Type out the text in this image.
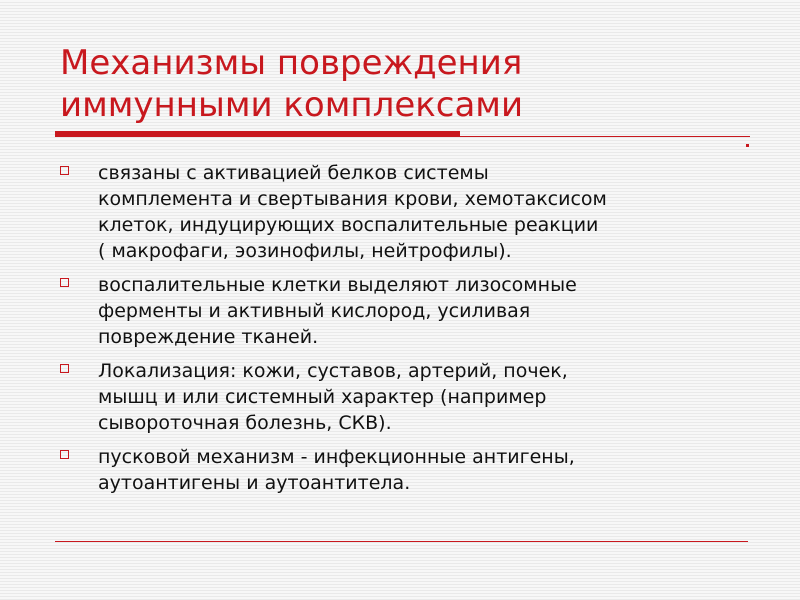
Механизмы повреждения
иммунными комплексами
связаны с активацией белков системы
комплемента и свертывания крови, хемотаксисом
клеток, индуцирующих воспалительные реакции
( макрофаги, эозинофилы, нейтрофилы).
воспалительные клетки выделяют лизосомные
ферменты и активный кислород, усиливая
повреждение тканей.
Локализация: кожи, суставов, артерий, почек,
мышц и или системный характер (например
сывороточная болезнь, СКВ).
пусковой механизм - инфекционные антигены,
аутоантигены и аутоантитела.
